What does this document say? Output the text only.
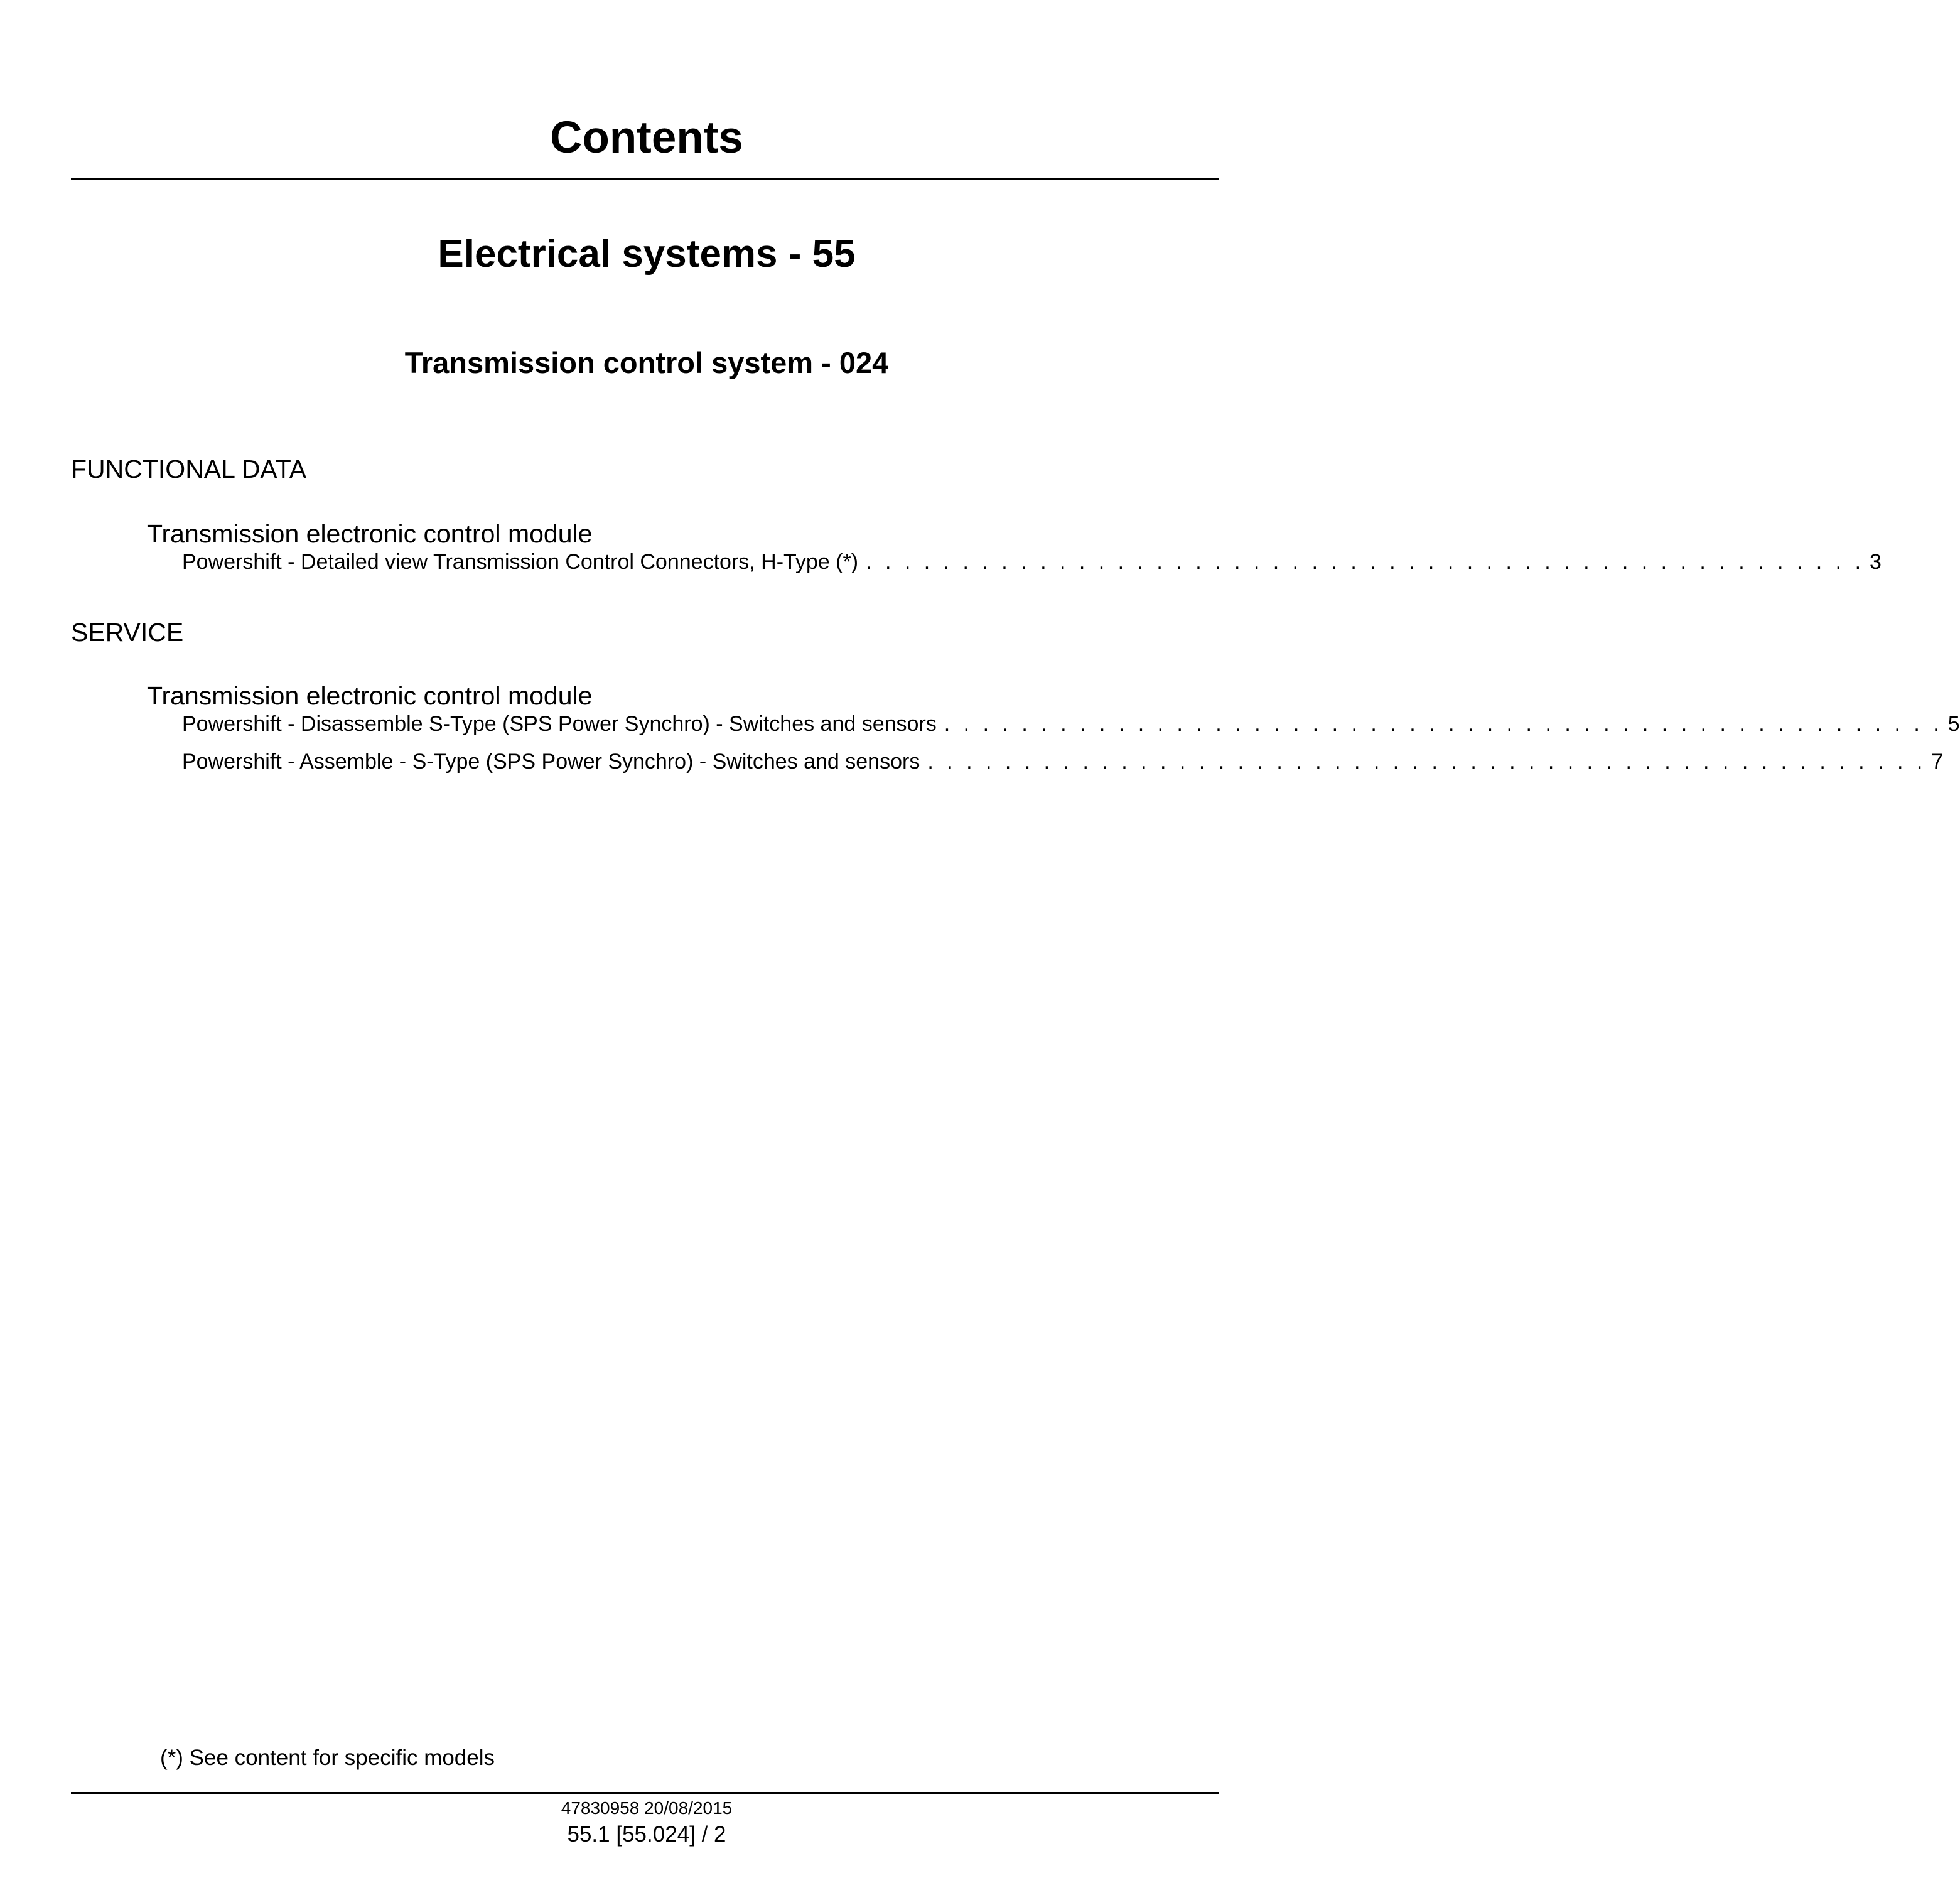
Contents
Electrical systems - 55
Transmission control system - 024
FUNCTIONAL DATA
Transmission electronic control module
Powershift - Detailed view Transmission Control Connectors, H-Type (*) . . . . . . . . . . . . . . . . . . . . . . . . . . . . . . . . . . . . . . . . . . . . . . . . . . . . 3
SERVICE
Transmission electronic control module
Powershift - Disassemble S-Type (SPS Power Synchro) - Switches and sensors . . . . . . . . . . . . . . . . . . . . . . . . . . . . . . . . . . . . . . . . . . . . . . . . . . . . 5
Powershift - Assemble - S-Type (SPS Power Synchro) - Switches and sensors . . . . . . . . . . . . . . . . . . . . . . . . . . . . . . . . . . . . . . . . . . . . . . . . . . . . 7
(*) See content for specific models
47830958 20/08/2015
55.1 [55.024] / 2
